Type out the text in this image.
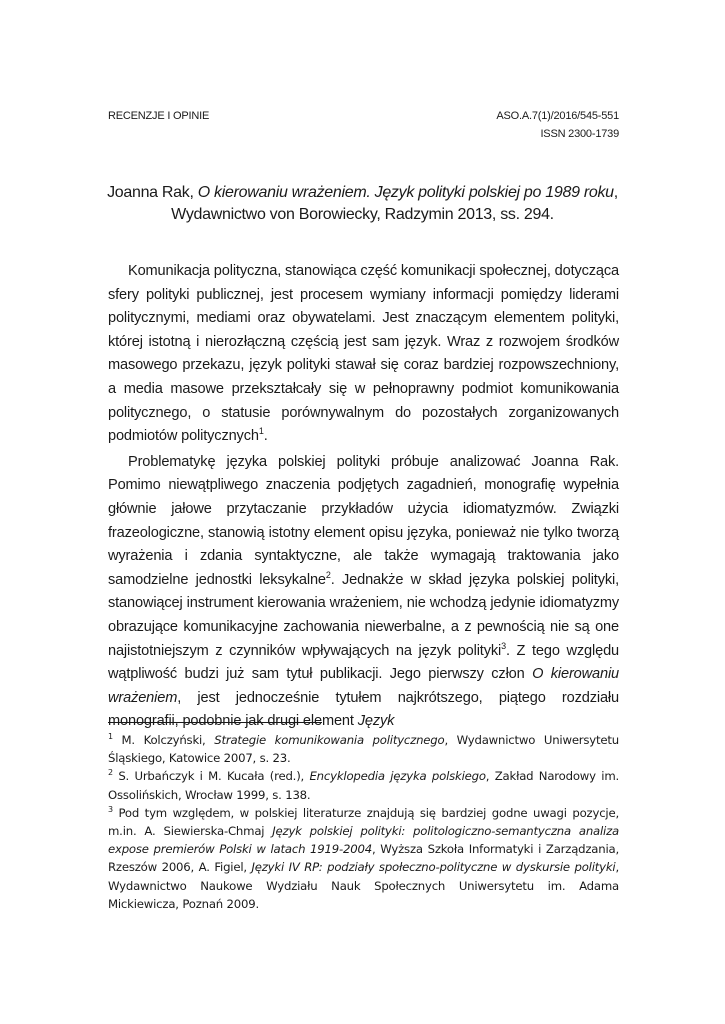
RECENZJE I OPINIE	ASO.A.7(1)/2016/545-551
ISSN 2300-1739
Joanna Rak, O kierowaniu wrażeniem. Język polityki polskiej po 1989 roku,
Wydawnictwo von Borowiecky, Radzymin 2013, ss. 294.

Komunikacja polityczna, stanowiąca część komunikacji społecznej, dotycząca sfery polityki publicznej, jest procesem wymiany informacji pomiędzy liderami politycznymi, mediami oraz obywatelami. Jest znaczącym elementem polityki, której istotną i nierozłączną częścią jest sam język. Wraz z rozwojem środków masowego przekazu, język polityki stawał się coraz bardziej rozpowszechniony, a media masowe przekształcały się w pełnoprawny podmiot komunikowania politycznego, o statusie porównywalnym do pozostałych zorganizowanych podmiotów politycznych$^1$.

Problematykę języka polskiej polityki próbuje analizować Joanna Rak. Pomimo niewątpliwego znaczenia podjętych zagadnień, monografię wypełnia głównie jałowe przytaczanie przykładów użycia idiomatyzmów. Związki frazeologiczne, stanowią istotny element opisu języka, ponieważ nie tylko tworzą wyrażenia i zdania syntaktyczne, ale także wymagają traktowania jako samodzielne jednostki leksykalne$^2$. Jednakże w skład języka polskiej polityki, stanowiącej instrument kierowania wrażeniem, nie wchodzą jedynie idiomatyzmy obrazujące komunikacyjne zachowania niewerbalne, a z pewnością nie są one najistotniejszym z czynników wpływających na język polityki$^3$. Z tego względu wątpliwość budzi już sam tytuł publikacji. Jego pierwszy człon O kierowaniu wrażeniem, jest jednocześnie tytułem najkrótszego, piątego rozdziału monografii, podobnie jak drugi element Język

$^1$ M. Kolczyński, Strategie komunikowania politycznego, Wydawnictwo Uniwersytetu Śląskiego, Katowice 2007, s. 23.

$^2$ S. Urbańczyk i M. Kucała (red.), Encyklopedia języka polskiego, Zakład Narodowy im. Ossolińskich, Wrocław 1999, s. 138.

$^3$ Pod tym względem, w polskiej literaturze znajdują się bardziej godne uwagi pozycje, m.in. A. Siewierska-Chmaj Język polskiej polityki: politologiczno-semantyczna analiza expose premierów Polski w latach 1919-2004, Wyższa Szkoła Informatyki i Zarządzania, Rzeszów 2006, A. Figiel, Języki IV RP: podziały społeczno-polityczne w dyskursie polityki, Wydawnictwo Naukowe Wydziału Nauk Społecznych Uniwersytetu im. Adama Mickiewicza, Poznań 2009.
